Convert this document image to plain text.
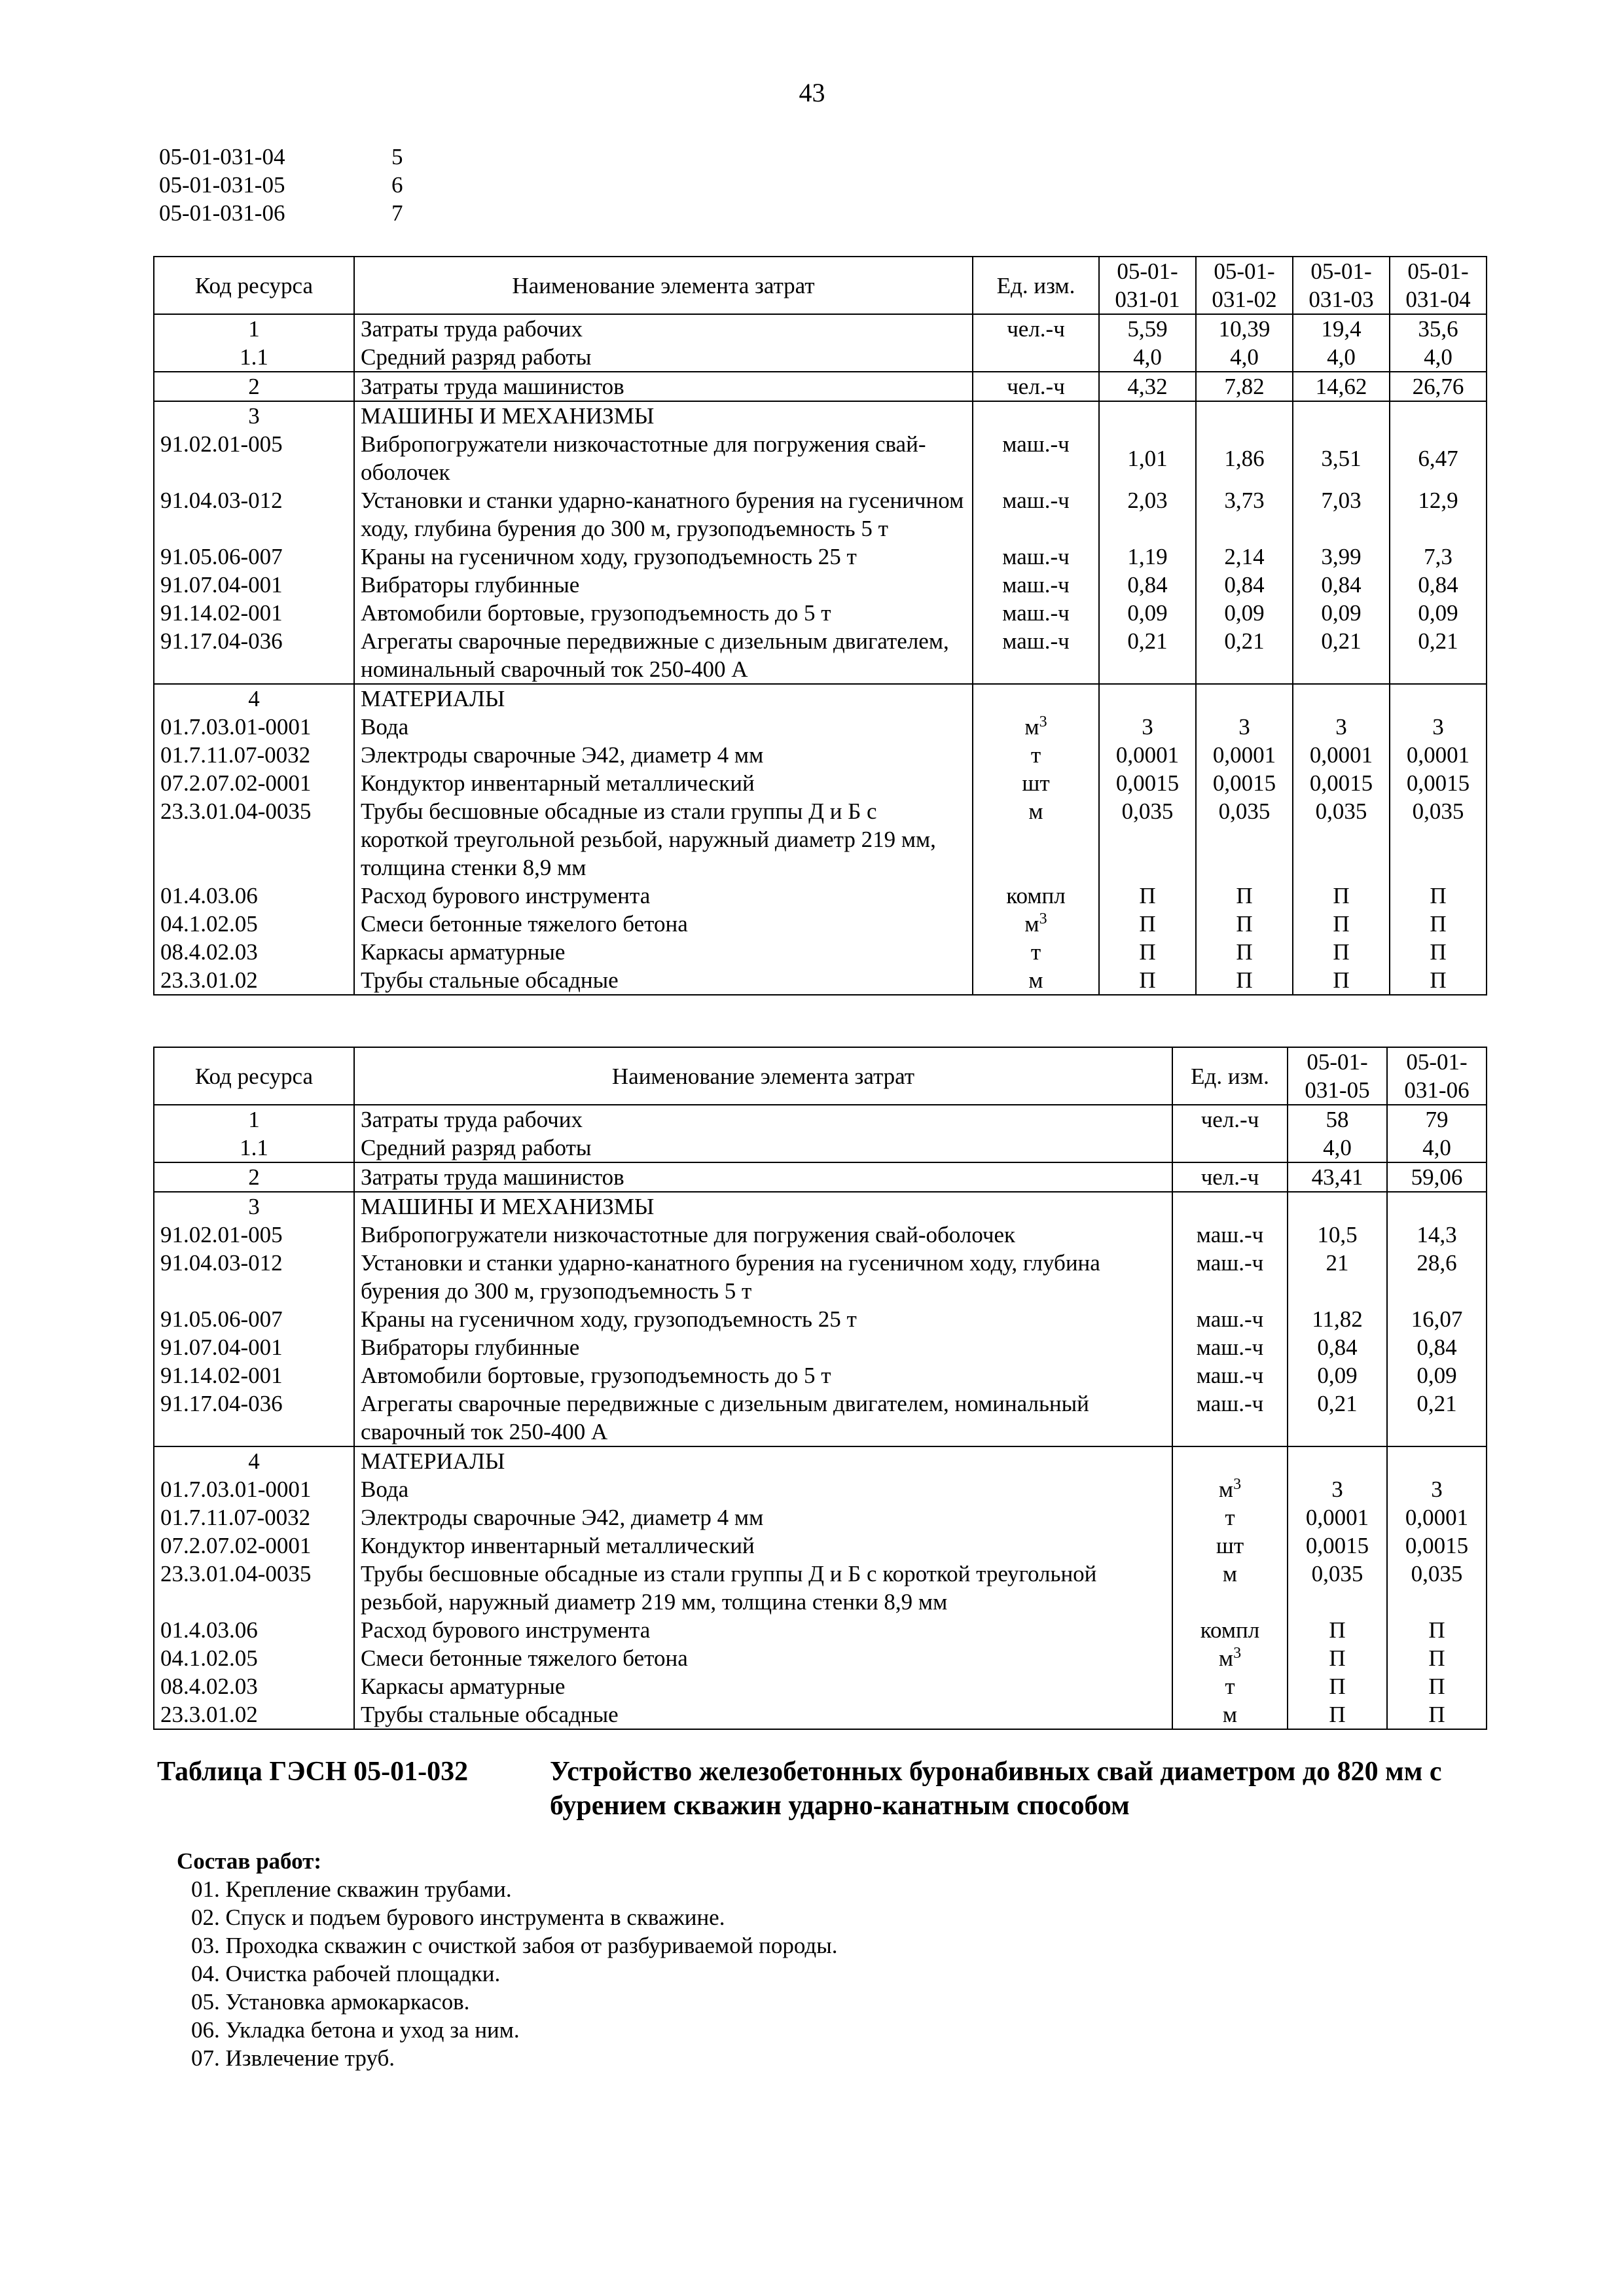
43
05-01-031-04	5
05-01-031-05	6
05-01-031-06	7
Код ресурса	Наименование элемента затрат	Ед. изм.	05-01-031-01	05-01-031-02	05-01-031-03	05-01-031-04
1	Затраты труда рабочих	чел.-ч	5,59	10,39	19,4	35,6
1.1	Средний разряд работы		4,0	4,0	4,0	4,0
2	Затраты труда машинистов	чел.-ч	4,32	7,82	14,62	26,76
3	МАШИНЫ И МЕХАНИЗМЫ					
91.02.01-005	Вибропогружатели низкочастотные для погружения свай-оболочек	маш.-ч	1,01	1,86	3,51	6,47
91.04.03-012	Установки и станки ударно-канатного бурения на гусеничном ходу, глубина бурения до 300 м, грузоподъемность 5 т	маш.-ч	2,03	3,73	7,03	12,9
91.05.06-007	Краны на гусеничном ходу, грузоподъемность 25 т	маш.-ч	1,19	2,14	3,99	7,3
91.07.04-001	Вибраторы глубинные	маш.-ч	0,84	0,84	0,84	0,84
91.14.02-001	Автомобили бортовые, грузоподъемность до 5 т	маш.-ч	0,09	0,09	0,09	0,09
91.17.04-036	Агрегаты сварочные передвижные с дизельным двигателем, номинальный сварочный ток 250-400 А	маш.-ч	0,21	0,21	0,21	0,21
4	МАТЕРИАЛЫ					
01.7.03.01-0001	Вода	$м^3$	3	3	3	3
01.7.11.07-0032	Электроды сварочные Э42, диаметр 4 мм	т	0,0001	0,0001	0,0001	0,0001
07.2.07.02-0001	Кондуктор инвентарный металлический	шт	0,0015	0,0015	0,0015	0,0015
23.3.01.04-0035	Трубы бесшовные обсадные из стали группы Д и Б с короткой треугольной резьбой, наружный диаметр 219 мм, толщина стенки 8,9 мм	м	0,035	0,035	0,035	0,035
01.4.03.06	Расход бурового инструмента	компл	П	П	П	П
04.1.02.05	Смеси бетонные тяжелого бетона	$м^3$	П	П	П	П
08.4.02.03	Каркасы арматурные	т	П	П	П	П
23.3.01.02	Трубы стальные обсадные	м	П	П	П	П
Код ресурса	Наименование элемента затрат	Ед. изм.	05-01-031-05	05-01-031-06
1	Затраты труда рабочих	чел.-ч	58	79
1.1	Средний разряд работы		4,0	4,0
2	Затраты труда машинистов	чел.-ч	43,41	59,06
3	МАШИНЫ И МЕХАНИЗМЫ			
91.02.01-005	Вибропогружатели низкочастотные для погружения свай-оболочек	маш.-ч	10,5	14,3
91.04.03-012	Установки и станки ударно-канатного бурения на гусеничном ходу, глубина бурения до 300 м, грузоподъемность 5 т	маш.-ч	21	28,6
91.05.06-007	Краны на гусеничном ходу, грузоподъемность 25 т	маш.-ч	11,82	16,07
91.07.04-001	Вибраторы глубинные	маш.-ч	0,84	0,84
91.14.02-001	Автомобили бортовые, грузоподъемность до 5 т	маш.-ч	0,09	0,09
91.17.04-036	Агрегаты сварочные передвижные с дизельным двигателем, номинальный сварочный ток 250-400 А	маш.-ч	0,21	0,21
4	МАТЕРИАЛЫ			
01.7.03.01-0001	Вода	$м^3$	3	3
01.7.11.07-0032	Электроды сварочные Э42, диаметр 4 мм	т	0,0001	0,0001
07.2.07.02-0001	Кондуктор инвентарный металлический	шт	0,0015	0,0015
23.3.01.04-0035	Трубы бесшовные обсадные из стали группы Д и Б с короткой треугольной резьбой, наружный диаметр 219 мм, толщина стенки 8,9 мм	м	0,035	0,035
01.4.03.06	Расход бурового инструмента	компл	П	П
04.1.02.05	Смеси бетонные тяжелого бетона	$м^3$	П	П
08.4.02.03	Каркасы арматурные	т	П	П
23.3.01.02	Трубы стальные обсадные	м	П	П
Таблица ГЭСН 05-01-032	Устройство железобетонных буронабивных свай диаметром до 820 мм с бурением скважин ударно-канатным способом
Состав работ:
01. Крепление скважин трубами.
02. Спуск и подъем бурового инструмента в скважине.
03. Проходка скважин с очисткой забоя от разбуриваемой породы.
04. Очистка рабочей площадки.
05. Установка армокаркасов.
06. Укладка бетона и уход за ним.
07. Извлечение труб.
